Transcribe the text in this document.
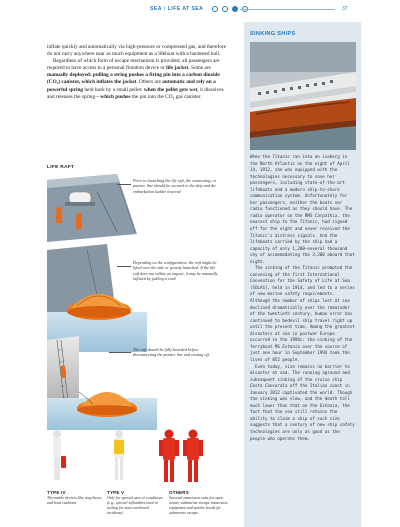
SEA | LIFE AT SEA	37

inflate quickly and automatically via high-pressure or compressed gas, and therefore do not carry anywhere near as much equipment as a lifeboat with a hardened hull.

Regardless of which form of escape mechanism is provided, all passengers are required to have access to a personal flotation device or life jacket. Some are manually deployed: pulling a string pushes a firing pin into a carbon dioxide (CO₂) canister, which inflates the jacket. Others are automatic and rely on a powerful spring held back by a small pellet: when the pellet gets wet, it dissolves and releases the spring—which pushes the pin into the CO₂ gas canister.

LIFE RAFT
Prior to launching the life raft, the connecting, or painter, line should be secured to the ship and the embarkation ladder lowered.
Depending on the configuration, the raft might be lifted over the side or gravity launched. If the life raft does not inflate on impact, it may be manually inflated by pulling a cord.
The raft should be fully boarded before disconnecting the painter line and casting off.
TYPE IV
Throwable devices like ring buoys and boat cushions.
TYPE V
Only for special uses or conditions (e.g., special inflatables used in sailing for man overboard incidents).
OTHERS
Survival immersion suits for open ocean; submarine escape immersion equipment and steinke hoods for submarine escape.
SINKING SHIPS

When the Titanic ran into an iceberg in the North Atlantic on the night of April 14, 1912, she was equipped with the technologies necessary to save her passengers, including state-of-the-art lifeboats and a modern ship-to-shore communication system. Unfortunately for her passengers, neither the boats nor radio functioned as they should have. The radio operator on the RMS Carpathia, the nearest ship to the Titanic, had signed off for the night and never received the Titanic's distress signals. And the lifeboats carried by the ship had a capacity of only 1,200—several thousand shy of accommodating the 3,300 aboard that night.

The sinking of the Titanic prompted the convening of the first International Convention for the Safety of Life at Sea (SOLAS), held in 1914, and led to a series of new marine safety requirements. Although the number of ships lost at sea declined dramatically over the remainder of the twentieth century, human error has continued to bedevil ship travel right up until the present time. Among the greatest disasters at sea in postwar Europe occurred in the 1990s: the sinking of the ferryboat MS Estonia over the course of just one hour in September 1994 took the lives of 852 people.

Even today, size remains no barrier to disaster at sea. The running aground and subsequent sinking of the cruise ship Costa Concordia off the Italian coast in January 2012 captivated the world. Though the sinking was slow, and the death toll much lower than that on the Estonia, the fact that the sea still retains the ability to claim a ship of such size suggests that a century of new ship safety technologies are only as good as the people who operate them.
